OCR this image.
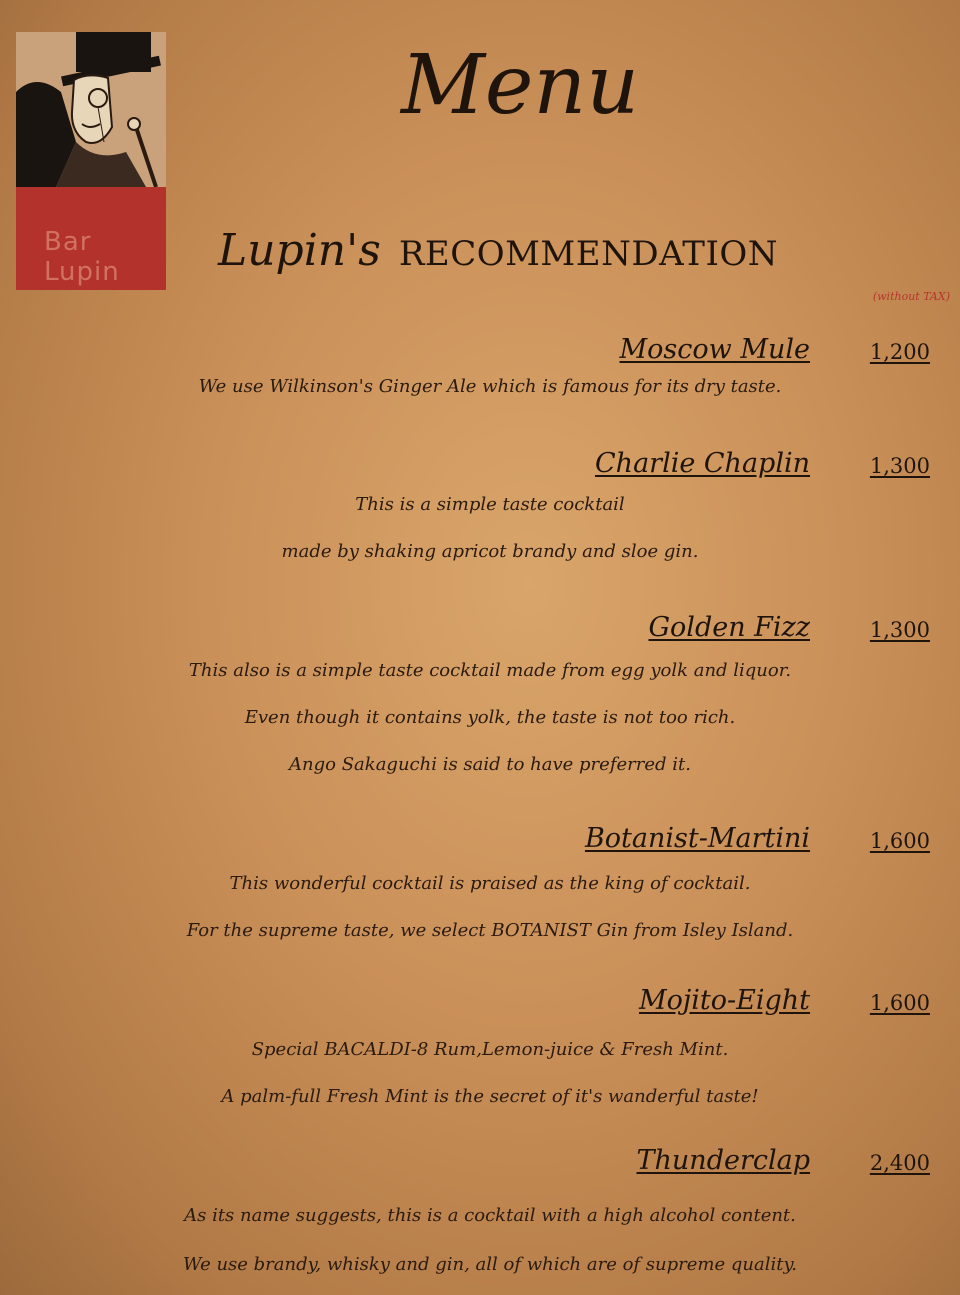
Bar Lupin
Menu
Lupin's RECOMMENDATION
(without TAX)
Moscow Mule	1,200
We use Wilkinson's Ginger Ale which is famous for its dry taste.
Charlie Chaplin	1,300
This is a simple taste cocktail
made by shaking apricot brandy and sloe gin.
Golden Fizz	1,300
This also is a simple taste cocktail made from egg yolk and liquor.
Even though it contains yolk, the taste is not too rich.
Ango Sakaguchi is said to have preferred it.
Botanist-Martini	1,600
This wonderful cocktail is praised as the king of cocktail.
For the supreme taste, we select BOTANIST Gin from Isley Island.
Mojito-Eight	1,600
Special BACALDI-8 Rum,Lemon-juice & Fresh Mint.
A palm-full Fresh Mint is the secret of it's wanderful taste!
Thunderclap	2,400
As its name suggests, this is a cocktail with a high alcohol content.
We use brandy, whisky and gin, all of which are of supreme quality.
